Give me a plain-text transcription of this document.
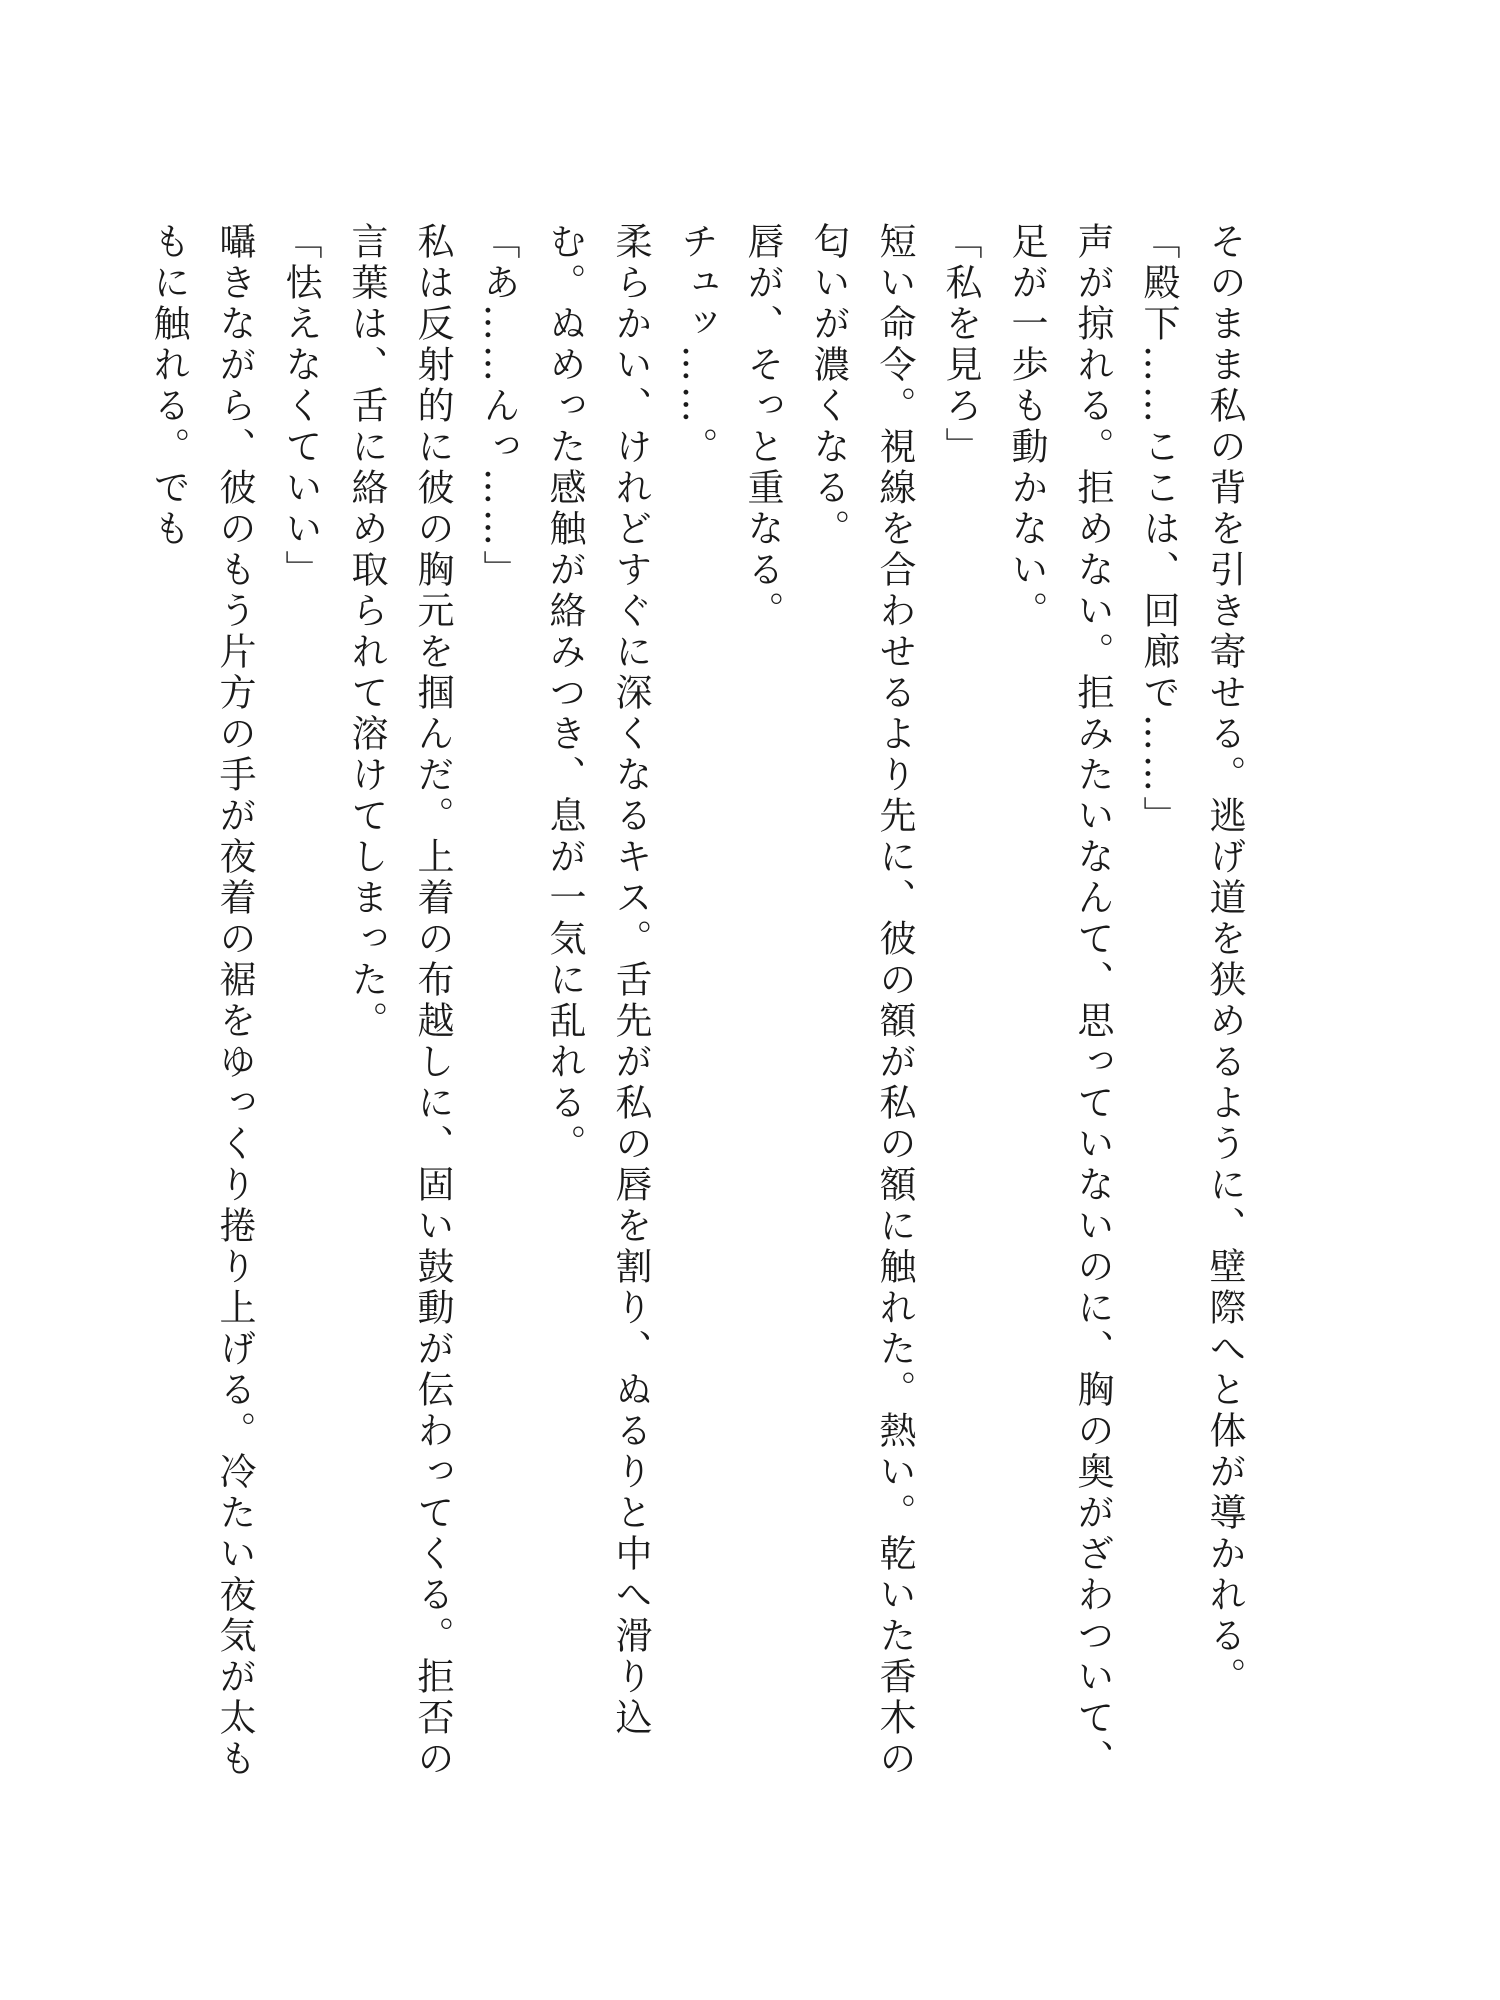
そのまま私の背を引き寄せる。逃げ道を狭めるように、壁際へと体が導かれる。

「殿下……ここは、回廊で……」

声が掠れる。拒めない。拒みたいなんて、思っていないのに、胸の奥がざわついて、足が一歩も動かない。

「私を見ろ」

短い命令。視線を合わせるより先に、彼の額が私の額に触れた。熱い。乾いた香木の匂いが濃くなる。

唇が、そっと重なる。

チュッ……。

柔らかい、けれどすぐに深くなるキス。舌先が私の唇を割り、ぬるりと中へ滑り込む。ぬめった感触が絡みつき、息が一気に乱れる。

「あ……んっ……」

私は反射的に彼の胸元を掴んだ。上着の布越しに、固い鼓動が伝わってくる。拒否の言葉は、舌に絡め取られて溶けてしまった。

「怯えなくていい」

囁きながら、彼のもう片方の手が夜着の裾をゆっくり捲り上げる。冷たい夜気が太ももに触れる。でも
